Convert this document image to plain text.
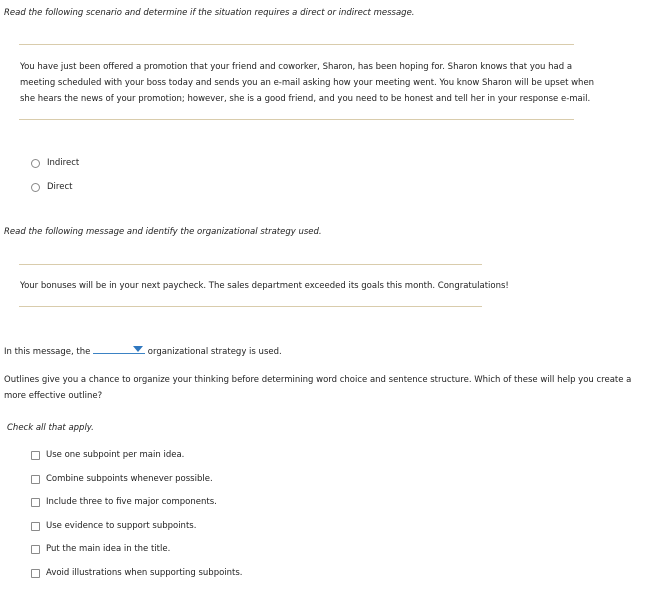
Read the following scenario and determine if the situation requires a direct or indirect message.
You have just been offered a promotion that your friend and coworker, Sharon, has been hoping for. Sharon knows that you had a
meeting scheduled with your boss today and sends you an e-mail asking how your meeting went. You know Sharon will be upset when
she hears the news of your promotion; however, she is a good friend, and you need to be honest and tell her in your response e-mail.
Indirect
Direct
Read the following message and identify the organizational strategy used.
Your bonuses will be in your next paycheck. The sales department exceeded its goals this month. Congratulations!
In this message, the	organizational strategy is used.
Outlines give you a chance to organize your thinking before determining word choice and sentence structure. Which of these will help you create a
more effective outline?
Check all that apply.
Use one subpoint per main idea.
Combine subpoints whenever possible.
Include three to five major components.
Use evidence to support subpoints.
Put the main idea in the title.
Avoid illustrations when supporting subpoints.
